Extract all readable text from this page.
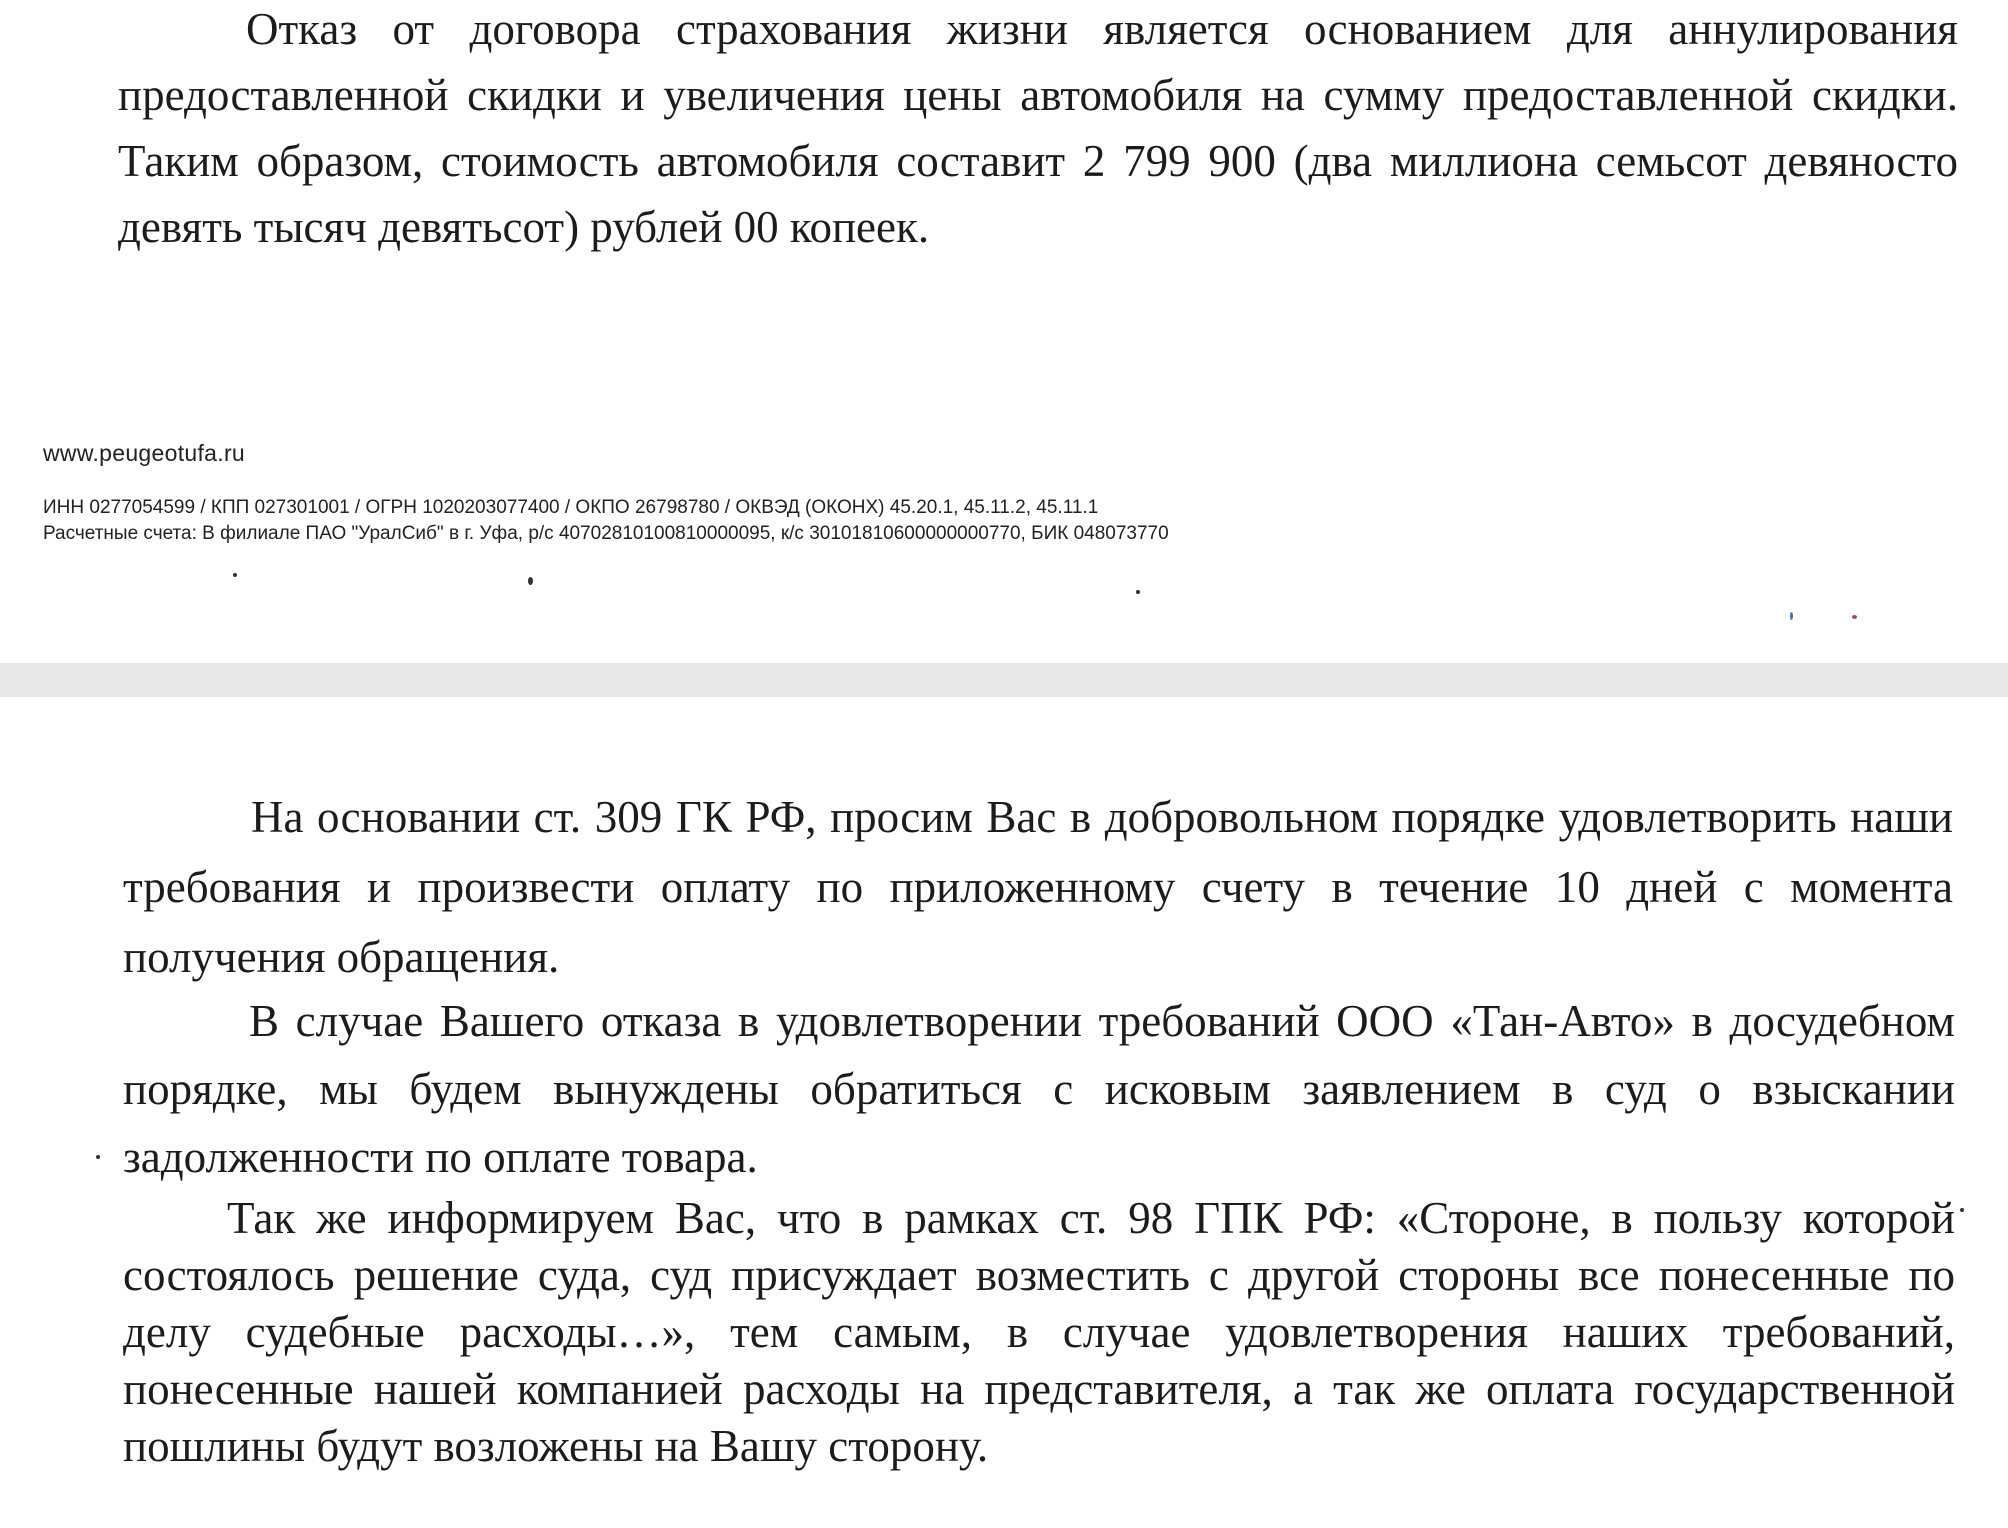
Отказ от договора страхования жизни является основанием для аннулирования предоставленной скидки и увеличения цены автомобиля на сумму предоставленной скидки. Таким образом, стоимость автомобиля составит 2 799 900 (два миллиона семьсот девяносто девять тысяч девятьсот) рублей 00 копеек.

www.peugeotufa.ru
ИНН 0277054599 / КПП 027301001 / ОГРН 1020203077400 / ОКПО 26798780 / ОКВЭД (ОКОНХ) 45.20.1, 45.11.2, 45.11.1
Расчетные счета: В филиале ПАО "УралСиб" в г. Уфа, р/с 40702810100810000095, к/с 30101810600000000770, БИК 048073770

На основании ст. 309 ГК РФ, просим Вас в добровольном порядке удовлетворить наши требования и произвести оплату по приложенному счету в течение 10 дней с момента получения обращения.

В случае Вашего отказа в удовлетворении требований ООО «Тан-Авто» в досудебном порядке, мы будем вынуждены обратиться с исковым заявлением в суд о взыскании задолженности по оплате товара.

Так же информируем Вас, что в рамках ст. 98 ГПК РФ: «Стороне, в пользу которой состоялось решение суда, суд присуждает возместить с другой стороны все понесенные по делу судебные расходы…», тем самым, в случае удовлетворения наших требований, понесенные нашей компанией расходы на представителя, а так же оплата государственной пошлины будут возложены на Вашу сторону.
